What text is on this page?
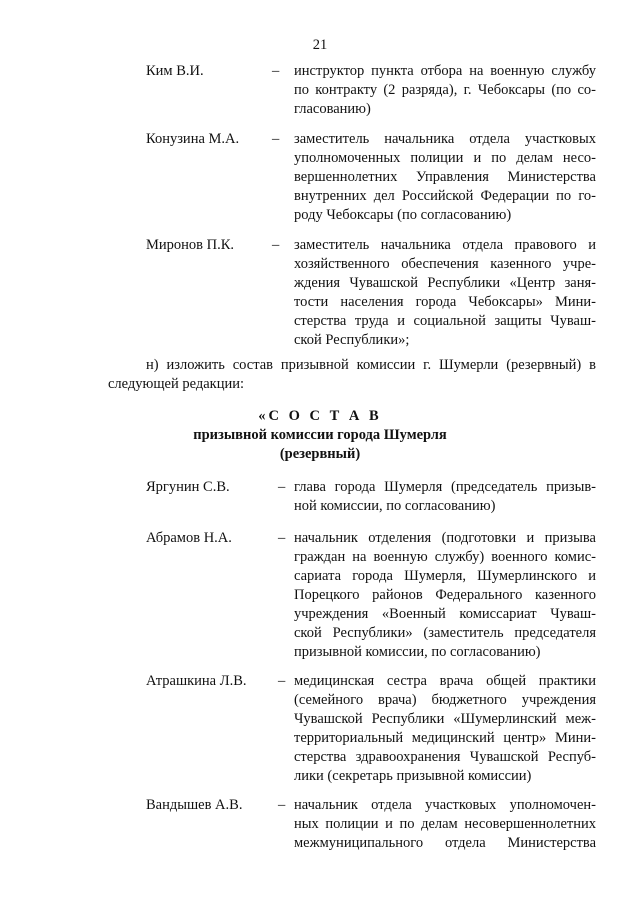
21
Ким В.И.	– инструктор пункта отбора на военную службу
по контракту (2 разряда), г. Чебоксары (по со-
гласованию)
Конузина М.А. – заместитель начальника отдела участковых
уполномоченных полиции и по делам несо-
вершеннолетних Управления Министерства
внутренних дел Российской Федерации по го-
роду Чебоксары (по согласованию)
Миронов П.К.	– заместитель начальника отдела правового и
хозяйственного обеспечения казенного учре-
ждения Чувашской Республики «Центр заня-
тости населения города Чебоксары» Мини-
стерства труда и социальной защиты Чуваш-
ской Республики»;
н) изложить состав призывной комиссии г. Шумерли (резервный) в
следующей редакции:
«С О С Т А В
призывной комиссии города Шумерля
(резервный)
Яргунин С.В.	– глава города Шумерля (председатель призыв-
ной комиссии, по согласованию)
Абрамов Н.А.	– начальник отделения (подготовки и призыва
граждан на военную службу) военного комис-
сариата города Шумерля, Шумерлинского и
Порецкого районов Федерального казенного
учреждения «Военный комиссариат Чуваш-
ской Республики» (заместитель председателя
призывной комиссии, по согласованию)
Атрашкина Л.В. – медицинская сестра врача общей практики
(семейного врача) бюджетного учреждения
Чувашской Республики «Шумерлинский меж-
территориальный медицинский центр» Мини-
стерства здравоохранения Чувашской Респуб-
лики (секретарь призывной комиссии)
Вандышев А.В. – начальник отдела участковых уполномочен-
ных полиции и по делам несовершеннолетних
межмуниципального отдела Министерства
